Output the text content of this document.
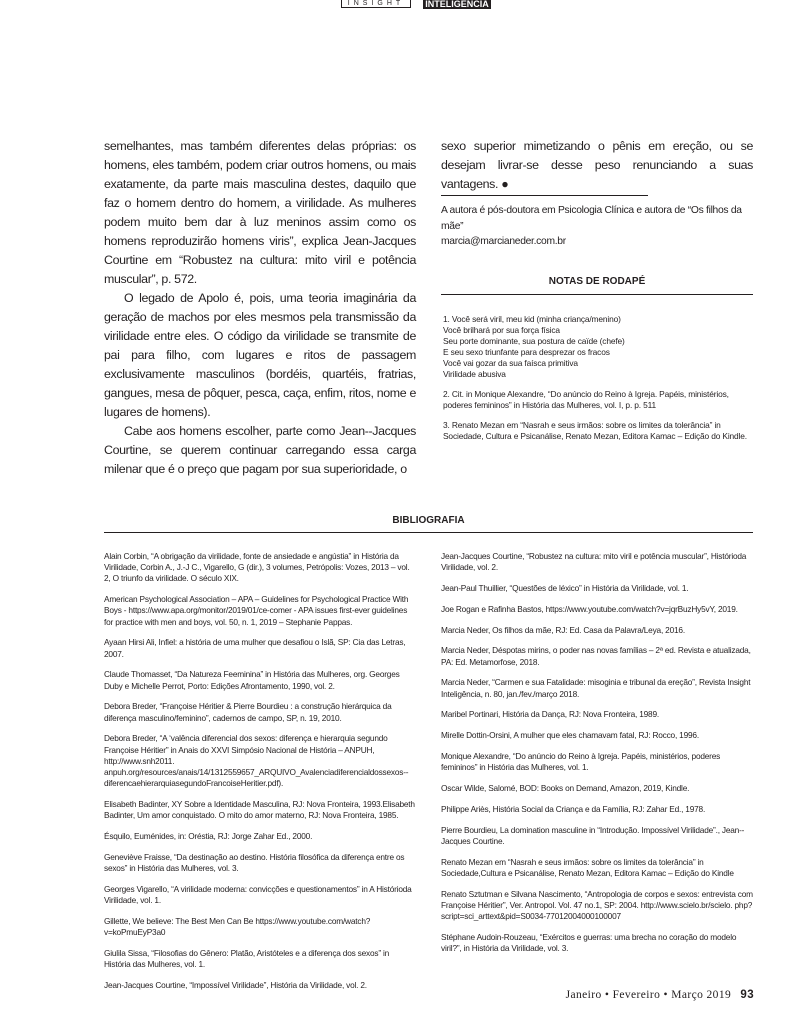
INSIGHT	INTELIGÊNCIA

semelhantes, mas também diferentes delas próprias: os homens, eles também, podem criar outros homens, ou mais exatamente, da parte mais masculina destes, daquilo que faz o homem dentro do homem, a virilidade. As mulheres podem muito bem dar à luz meninos assim como os homens reproduzirão homens viris”, explica Jean-Jacques Courtine em “Robustez na cultura: mito viril e potência muscular”, p. 572.

O legado de Apolo é, pois, uma teoria imaginária da geração de machos por eles mesmos pela transmissão da virilidade entre eles. O código da virilidade se transmite de pai para filho, com lugares e ritos de passagem exclusivamente masculinos (bordéis, quartéis, fratrias, gangues, mesa de pôquer, pesca, caça, enfim, ritos, nome e lugares de homens).

Cabe aos homens escolher, parte como Jean--Jacques Courtine, se querem continuar carregando essa carga milenar que é o preço que pagam por sua superioridade, o

sexo superior mimetizando o pênis em ereção, ou se desejam livrar-se desse peso renunciando a suas vantagens. ●

A autora é pós-doutora em Psicologia Clínica e autora de “Os filhos da mãe”
marcia@marcianeder.com.br
NOTAS DE RODAPÉ
1. Você será viril, meu kid (minha criança/menino)
Você brilhará por sua força física
Seu porte dominante, sua postura de caïde (chefe)
E seu sexo triunfante para desprezar os fracos
Você vai gozar da sua faísca primitiva
Virilidade abusiva
2. Cit. in Monique Alexandre, “Do anúncio do Reino à Igreja. Papéis, ministérios, poderes femininos” in História das Mulheres, vol. I, p. p. 511
3. Renato Mezan em “Nasrah e seus irmãos: sobre os limites da tolerância” in Sociedade, Cultura e Psicanálise, Renato Mezan, Editora Kamac – Edição do Kindle.
BIBLIOGRAFIA
Alain Corbin, “A obrigação da virilidade, fonte de ansiedade e angústia” in História da Virilidade, Corbin A., J.-J C., Vigarello, G (dir.), 3 volumes, Petrópolis: Vozes, 2013 – vol. 2, O triunfo da virilidade. O século XIX.
American Psychological Association – APA – Guidelines for Psychological Practice With Boys - https://www.apa.org/monitor/2019/01/ce-comer - APA issues first-ever guidelines for practice with men and boys, vol. 50, n. 1, 2019 – Stephanie Pappas.
Ayaan Hirsi Ali, Infiel: a história de uma mulher que desafiou o Islã, SP: Cia das Letras, 2007.
Claude Thomasset, “Da Natureza Feeminina” in História das Mulheres, org. Georges Duby e Michelle Perrot, Porto: Edições Afrontamento, 1990, vol. 2.
Debora Breder, “Françoise Héritier & Pierre Bourdieu : a construção hierárquica da diferença masculino/feminino”, cadernos de campo, SP, n. 19, 2010.
Debora Breder, “A ‘valência diferencial dos sexos: diferença e hierarquia segundo Françoise Héritier” in Anais do XXVI Simpósio Nacional de História – ANPUH, http://www.snh2011. anpuh.org/resources/anais/14/1312559657_ARQUIVO_Avalenciadiferencialdossexos--diferencaehierarquiasegundoFrancoiseHeritier.pdf).
Elisabeth Badinter, XY Sobre a Identidade Masculina, RJ: Nova Fronteira, 1993.Elisabeth Badinter, Um amor conquistado. O mito do amor materno, RJ: Nova Fronteira, 1985.
Ésquilo, Euménides, in: Oréstia, RJ: Jorge Zahar Ed., 2000.
Geneviève Fraisse, “Da destinação ao destino. História filosófica da diferença entre os sexos” in História das Mulheres, vol. 3.
Georges Vigarello, “A virilidade moderna: convicções e questionamentos” in A Histórioda Virilidade, vol. 1.
Gillette, We believe: The Best Men Can Be https://www.youtube.com/watch?v=koPmuEyP3a0
Giulila Sissa, “Filosofias do Gênero: Platão, Aristóteles e a diferença dos sexos” in História das Mulheres, vol. 1.
Jean-Jacques Courtine, “Impossível Virilidade”, História da Virilidade, vol. 2.
Jean-Jacques Courtine, “Robustez na cultura: mito viril e potência muscular”, Histórioda Virilidade, vol. 2.
Jean-Paul Thuillier, “Questões de léxico” in História da Virilidade, vol. 1.
Joe Rogan e Rafinha Bastos, https://www.youtube.com/watch?v=jqrBuzHy5vY, 2019.
Marcia Neder, Os filhos da mãe, RJ: Ed. Casa da Palavra/Leya, 2016.
Marcia Neder, Déspotas mirins, o poder nas novas famílias – 2ª ed. Revista e atualizada, PA: Ed. Metamorfose, 2018.
Marcia Neder, “Carmen e sua Fatalidade: misoginia e tribunal da ereção”, Revista Insight Inteligência, n. 80, jan./fev./março 2018.
Maribel Portinari, História da Dança, RJ: Nova Fronteira, 1989.
Mirelle Dottin-Orsini, A mulher que eles chamavam fatal, RJ: Rocco, 1996.
Monique Alexandre, “Do anúncio do Reino à Igreja. Papéis, ministérios, poderes femininos” in História das Mulheres, vol. 1.
Oscar Wilde, Salomé, BOD: Books on Demand, Amazon, 2019, Kindle.
Philippe Ariès, História Social da Criança e da Família, RJ: Zahar Ed., 1978.
Pierre Bourdieu, La domination masculine in “Introdução. Impossível Virilidade”., Jean--Jacques Courtine.
Renato Mezan em “Nasrah e seus irmãos: sobre os limites da tolerância” in Sociedade,Cultura e Psicanálise, Renato Mezan, Editora Kamac – Edição do Kindle
Renato Sztutman e Silvana Nascimento, “Antropologia de corpos e sexos: entrevista com Françoise Héritier”, Ver. Antropol. Vol. 47 no.1, SP: 2004. http://www.scielo.br/scielo. php?script=sci_arttext&pid=S0034-77012004000100007
Stéphane Audoin-Rouzeau, “Exércitos e guerras: uma brecha no coração do modelo viril?”, in História da Virilidade, vol. 3.
Janeiro • Fevereiro • Março 2019 93
